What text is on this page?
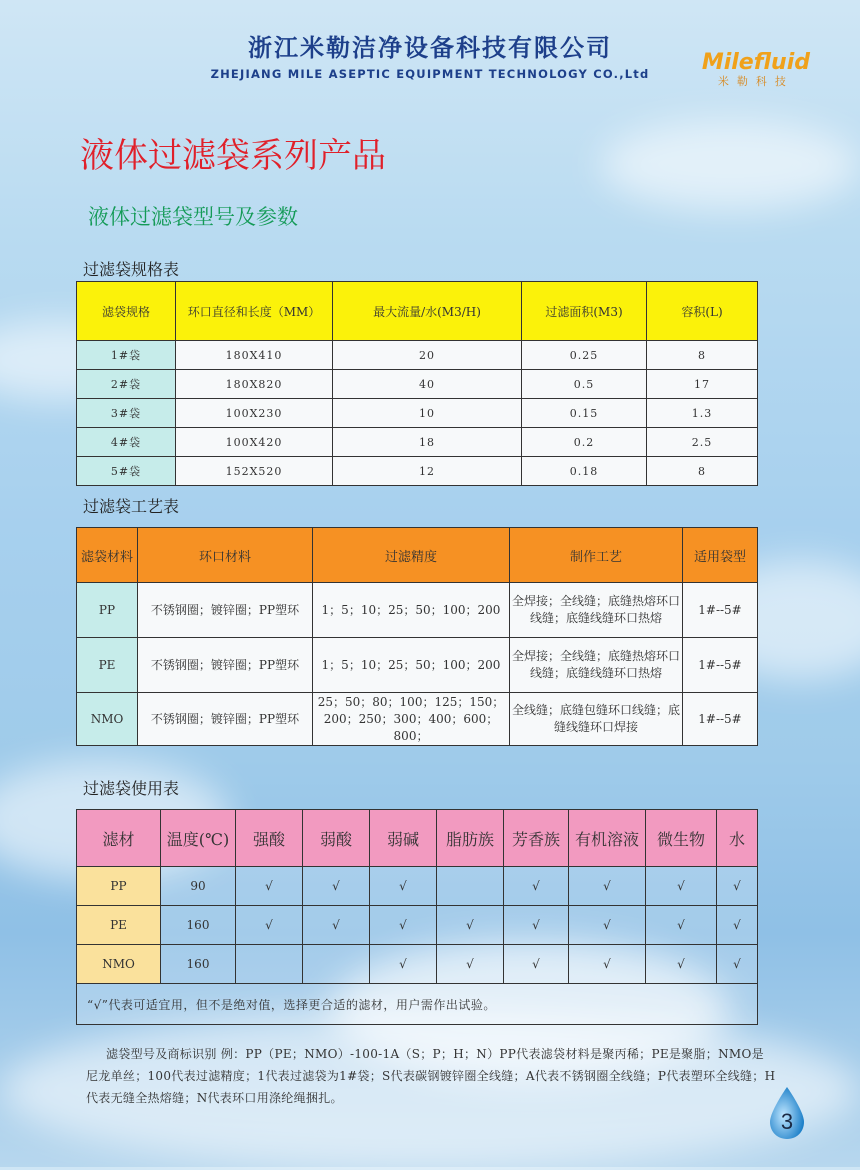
浙江米勒洁净设备科技有限公司
ZHEJIANG MILE ASEPTIC EQUIPMENT TECHNOLOGY CO.,Ltd	Milefluid
米勒科技
液体过滤袋系列产品
液体过滤袋型号及参数
过滤袋规格表
滤袋规格	环口直径和长度（MM）	最大流量/水(M3/H)	过滤面积(M3)	容积(L)
1#袋	180X410	20	0.25	8
2#袋	180X820	40	0.5	17
3#袋	100X230	10	0.15	1.3
4#袋	100X420	18	0.2	2.5
5#袋	152X520	12	0.18	8
过滤袋工艺表
滤袋材料	环口材料	过滤精度	制作工艺	适用袋型
PP	不锈钢圈；镀锌圈；PP塑环	1；5；10；25；50；100；200	全焊接；全线缝；底缝热熔环口线缝；底缝线缝环口热熔	1#--5#
PE	不锈钢圈；镀锌圈；PP塑环	1；5；10；25；50；100；200	全焊接；全线缝；底缝热熔环口线缝；底缝线缝环口热熔	1#--5#
NMO	不锈钢圈；镀锌圈；PP塑环	25；50；80；100；125；150；200；250；300；400；600；800；	全线缝；底缝包缝环口线缝；底缝线缝环口焊接	1#--5#
过滤袋使用表
滤材	温度(℃)	强酸	弱酸	弱碱	脂肪族	芳香族	有机溶液	微生物	水
PP	90	√	√	√		√	√	√	√
PE	160	√	√	√	√	√	√	√	√
NMO	160			√	√	√	√	√	√
“√”代表可适宜用，但不是绝对值，选择更合适的滤材，用户需作出试验。									
滤袋型号及商标识别 例：PP（PE；NMO）-100-1A（S；P；H；N）PP代表滤袋材料是聚丙稀；PE是聚脂；NMO是尼龙单丝；100代表过滤精度；1代表过滤袋为1#袋；S代表碳钢镀锌圈全线缝；A代表不锈钢圈全线缝；P代表塑环全线缝；H代表无缝全热熔缝；N代表环口用涤纶绳捆扎。
3
